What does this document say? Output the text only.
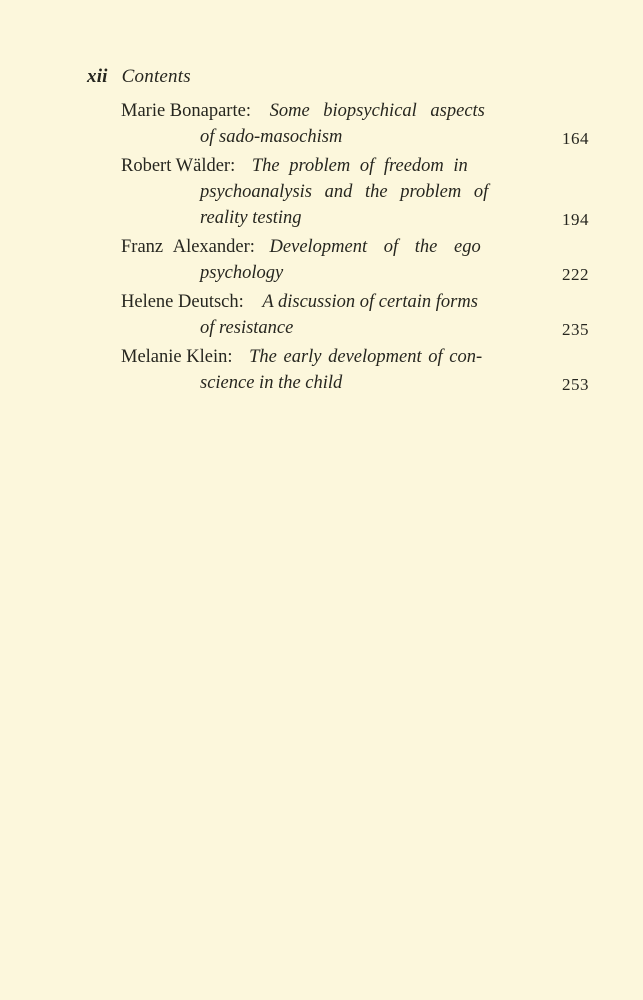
xii Contents
Marie Bonaparte: Some biopsychical aspects
of sado-masochism	164
Robert Wälder: The problem of freedom in
psychoanalysis and the problem of
reality testing	194
Franz Alexander: Development of the ego
psychology	222
Helene Deutsch: A discussion of certain forms
of resistance	235
Melanie Klein: The early development of con-
science in the child	253
